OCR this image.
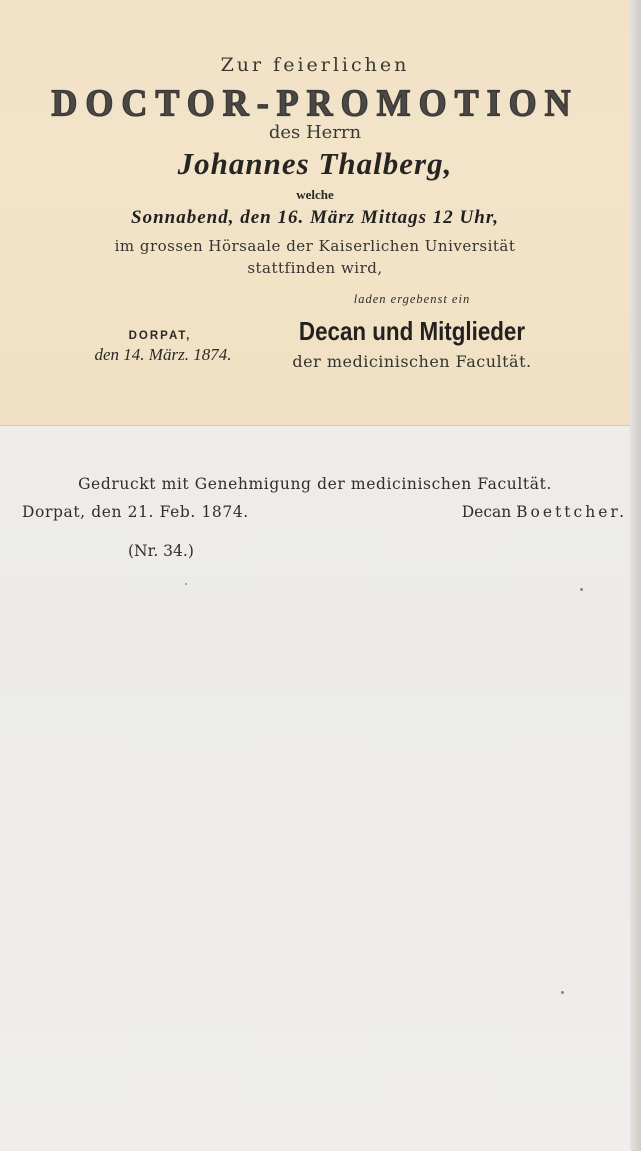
Zur feierlichen
DOCTOR-PROMOTION
des Herrn
Johannes Thalberg,
welche
Sonnabend, den 16. März Mittags 12 Uhr,
im grossen Hörsaale der Kaiserlichen Universität
stattfinden wird,
laden ergebenst ein
Decan und Mitglieder
der medicinischen Facultät.
DORPAT,
den 14. März. 1874.
Gedruckt mit Genehmigung der medicinischen Facultät.
Dorpat, den 21. Feb. 1874.	Decan Boettcher.
(Nr. 34.)
